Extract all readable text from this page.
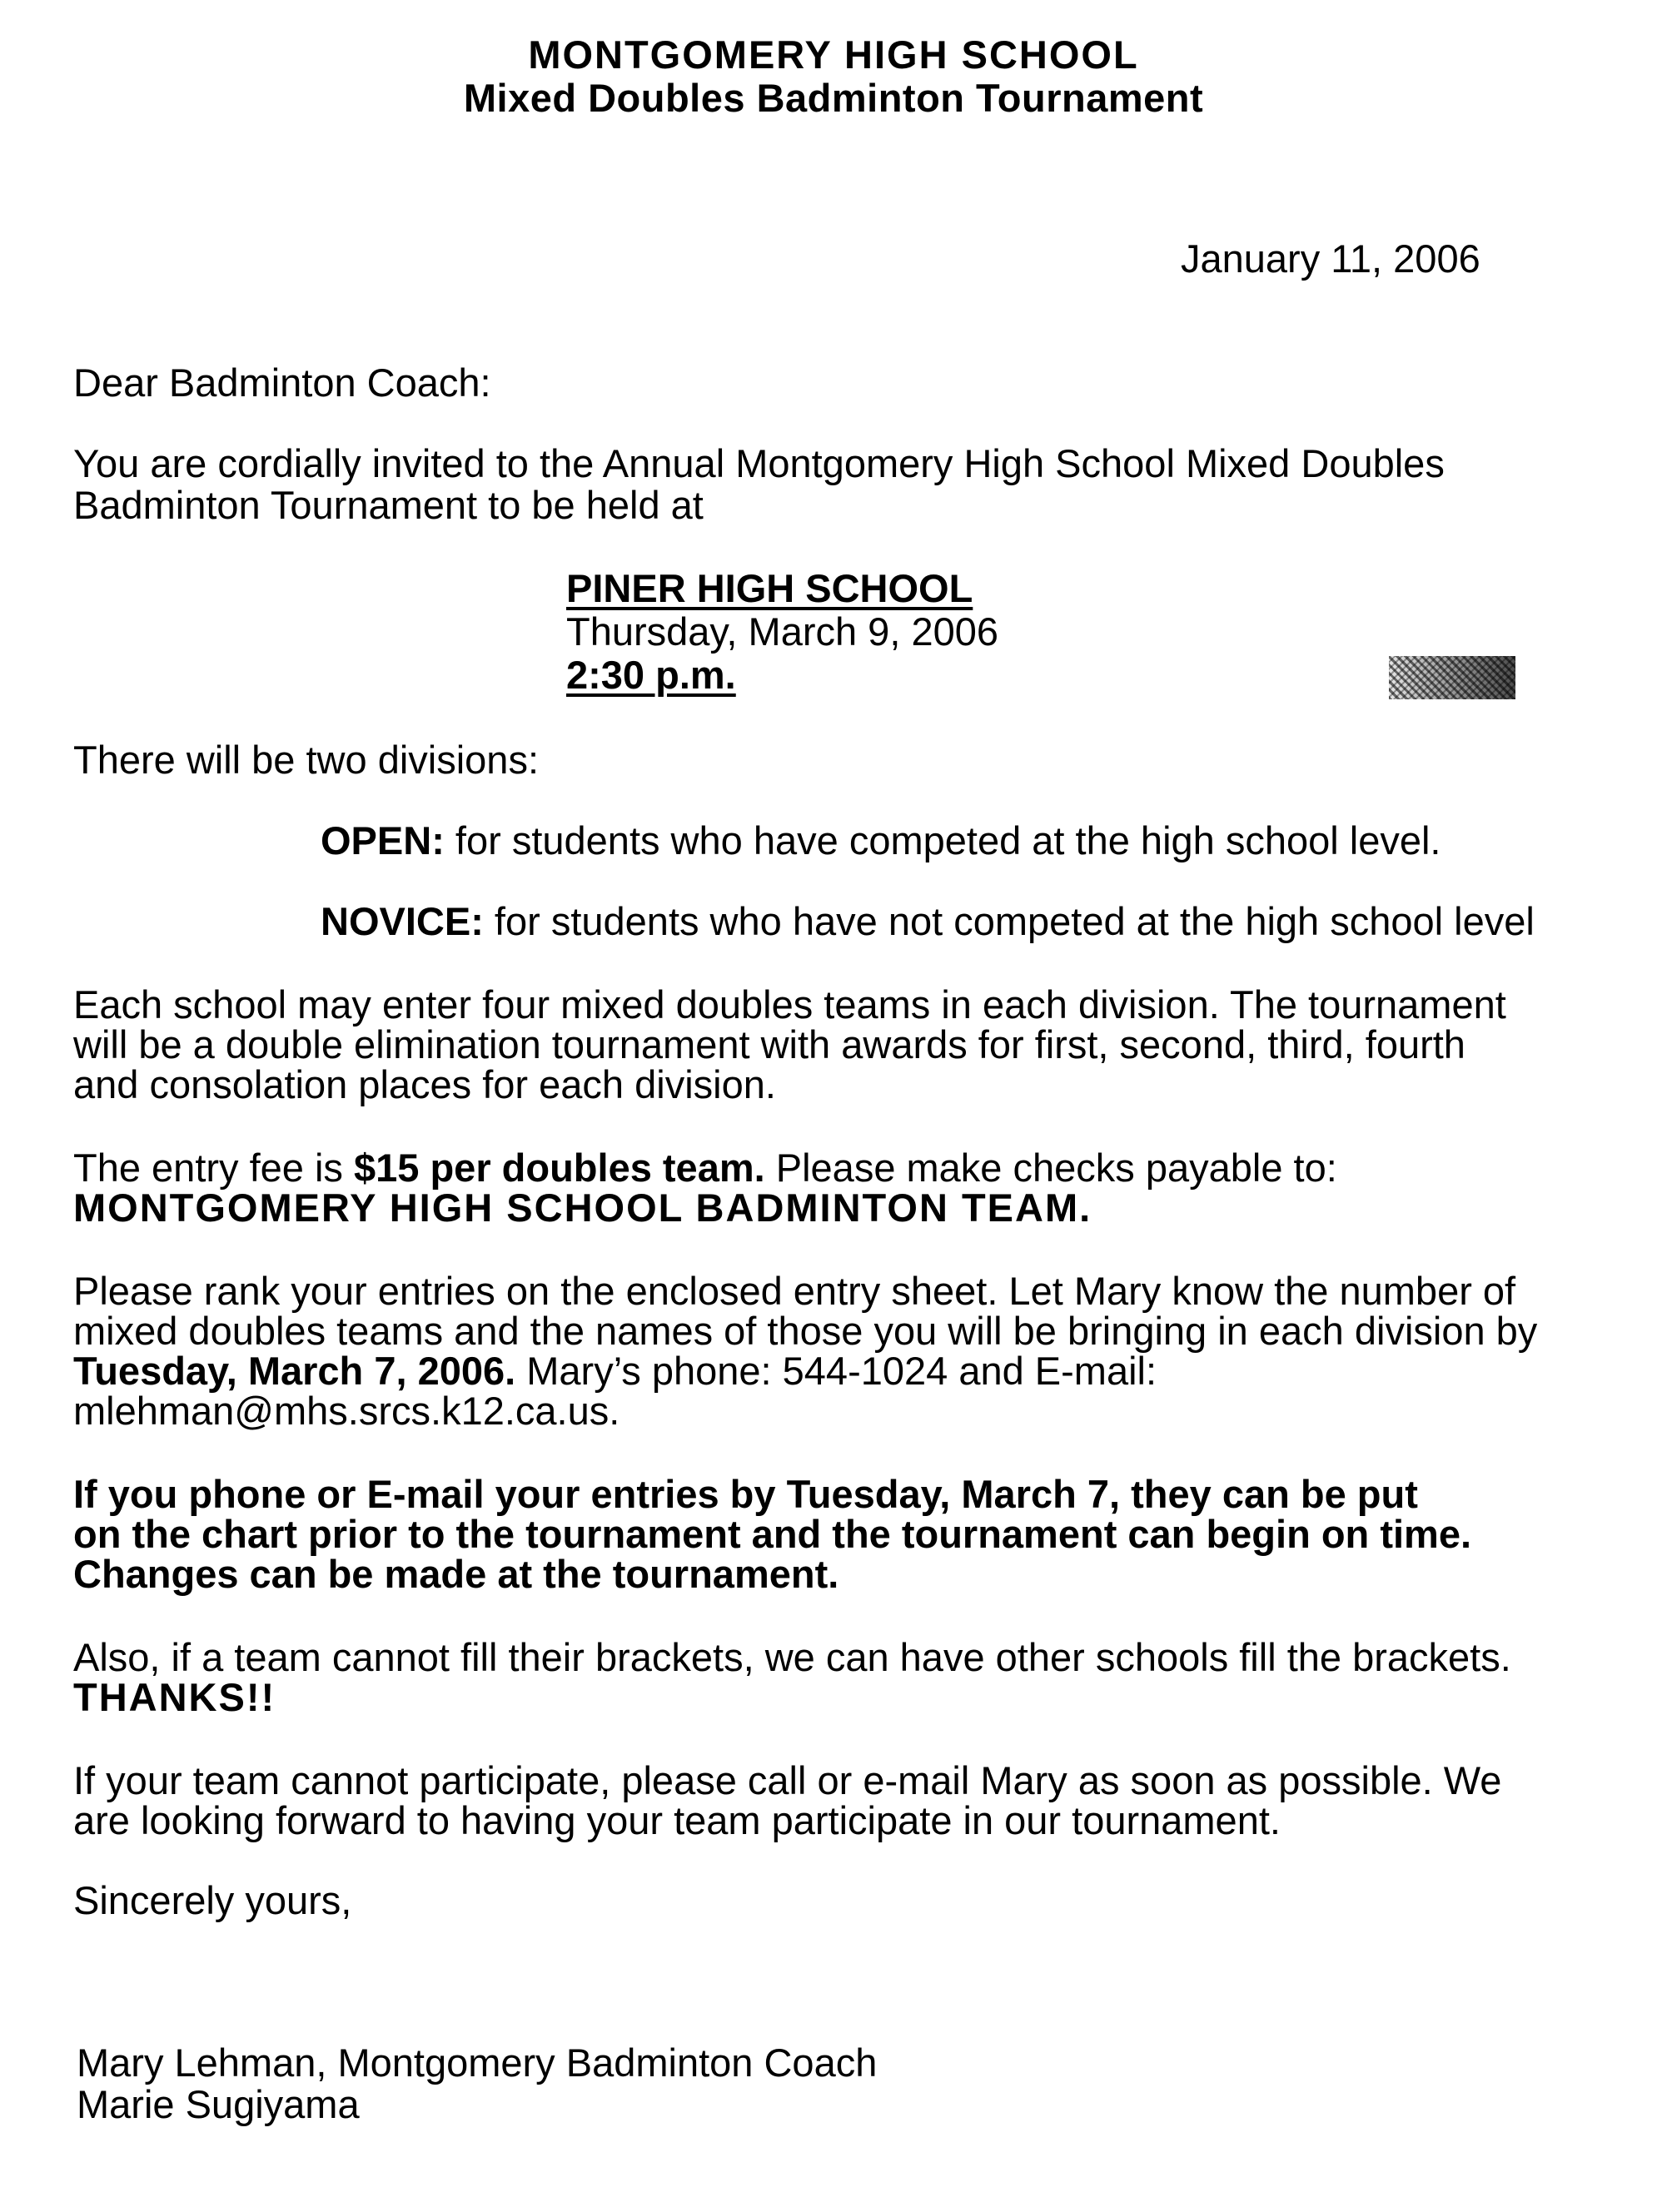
MONTGOMERY HIGH SCHOOL
Mixed Doubles Badminton Tournament
January 11, 2006
Dear Badminton Coach:
You are cordially invited to the Annual Montgomery High School Mixed Doubles
Badminton Tournament to be held at
PINER HIGH SCHOOL
Thursday, March 9, 2006
2:30 p.m.
There will be two divisions:
OPEN: for students who have competed at the high school level.
NOVICE: for students who have not competed at the high school level
Each school may enter four mixed doubles teams in each division. The tournament
will be a double elimination tournament with awards for first, second, third, fourth
and consolation places for each division.
The entry fee is $15 per doubles team. Please make checks payable to:
MONTGOMERY HIGH SCHOOL BADMINTON TEAM.
Please rank your entries on the enclosed entry sheet. Let Mary know the number of
mixed doubles teams and the names of those you will be bringing in each division by
Tuesday, March 7, 2006. Mary’s phone: 544-1024 and E-mail:
mlehman@mhs.srcs.k12.ca.us.
If you phone or E-mail your entries by Tuesday, March 7, they can be put
on the chart prior to the tournament and the tournament can begin on time.
Changes can be made at the tournament.
Also, if a team cannot fill their brackets, we can have other schools fill the brackets.
THANKS!!
If your team cannot participate, please call or e-mail Mary as soon as possible. We
are looking forward to having your team participate in our tournament.
Sincerely yours,
Mary Lehman, Montgomery Badminton Coach
Marie Sugiyama
